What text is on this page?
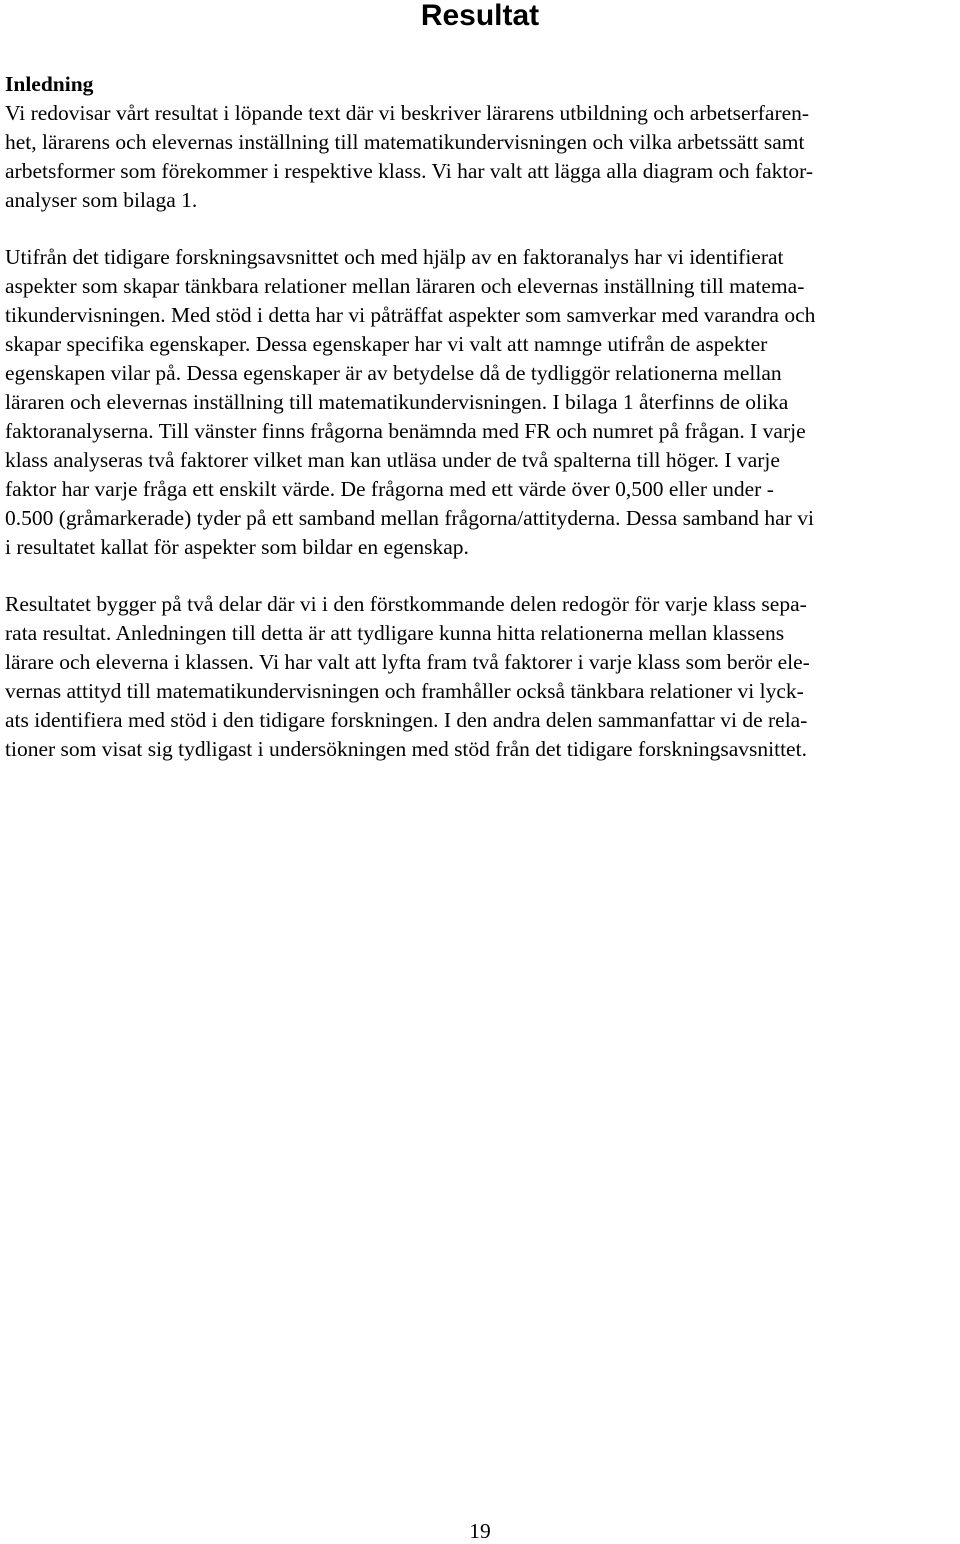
Resultat
Inledning

Vi redovisar vårt resultat i löpande text där vi beskriver lärarens utbildning och arbetserfaren-
het, lärarens och elevernas inställning till matematikundervisningen och vilka arbetssätt samt
arbetsformer som förekommer i respektive klass. Vi har valt att lägga alla diagram och faktor-
analyser som bilaga 1.

Utifrån det tidigare forskningsavsnittet och med hjälp av en faktoranalys har vi identifierat
aspekter som skapar tänkbara relationer mellan läraren och elevernas inställning till matema-
tikundervisningen. Med stöd i detta har vi påträffat aspekter som samverkar med varandra och
skapar specifika egenskaper. Dessa egenskaper har vi valt att namnge utifrån de aspekter
egenskapen vilar på. Dessa egenskaper är av betydelse då de tydliggör relationerna mellan
läraren och elevernas inställning till matematikundervisningen. I bilaga 1 återfinns de olika
faktoranalyserna. Till vänster finns frågorna benämnda med FR och numret på frågan. I varje
klass analyseras två faktorer vilket man kan utläsa under de två spalterna till höger. I varje
faktor har varje fråga ett enskilt värde. De frågorna med ett värde över 0,500 eller under -
0.500 (gråmarkerade) tyder på ett samband mellan frågorna/attityderna. Dessa samband har vi
i resultatet kallat för aspekter som bildar en egenskap.

Resultatet bygger på två delar där vi i den förstkommande delen redogör för varje klass sepa-
rata resultat. Anledningen till detta är att tydligare kunna hitta relationerna mellan klassens
lärare och eleverna i klassen. Vi har valt att lyfta fram två faktorer i varje klass som berör ele-
vernas attityd till matematikundervisningen och framhåller också tänkbara relationer vi lyck-
ats identifiera med stöd i den tidigare forskningen. I den andra delen sammanfattar vi de rela-
tioner som visat sig tydligast i undersökningen med stöd från det tidigare forskningsavsnittet.

19
